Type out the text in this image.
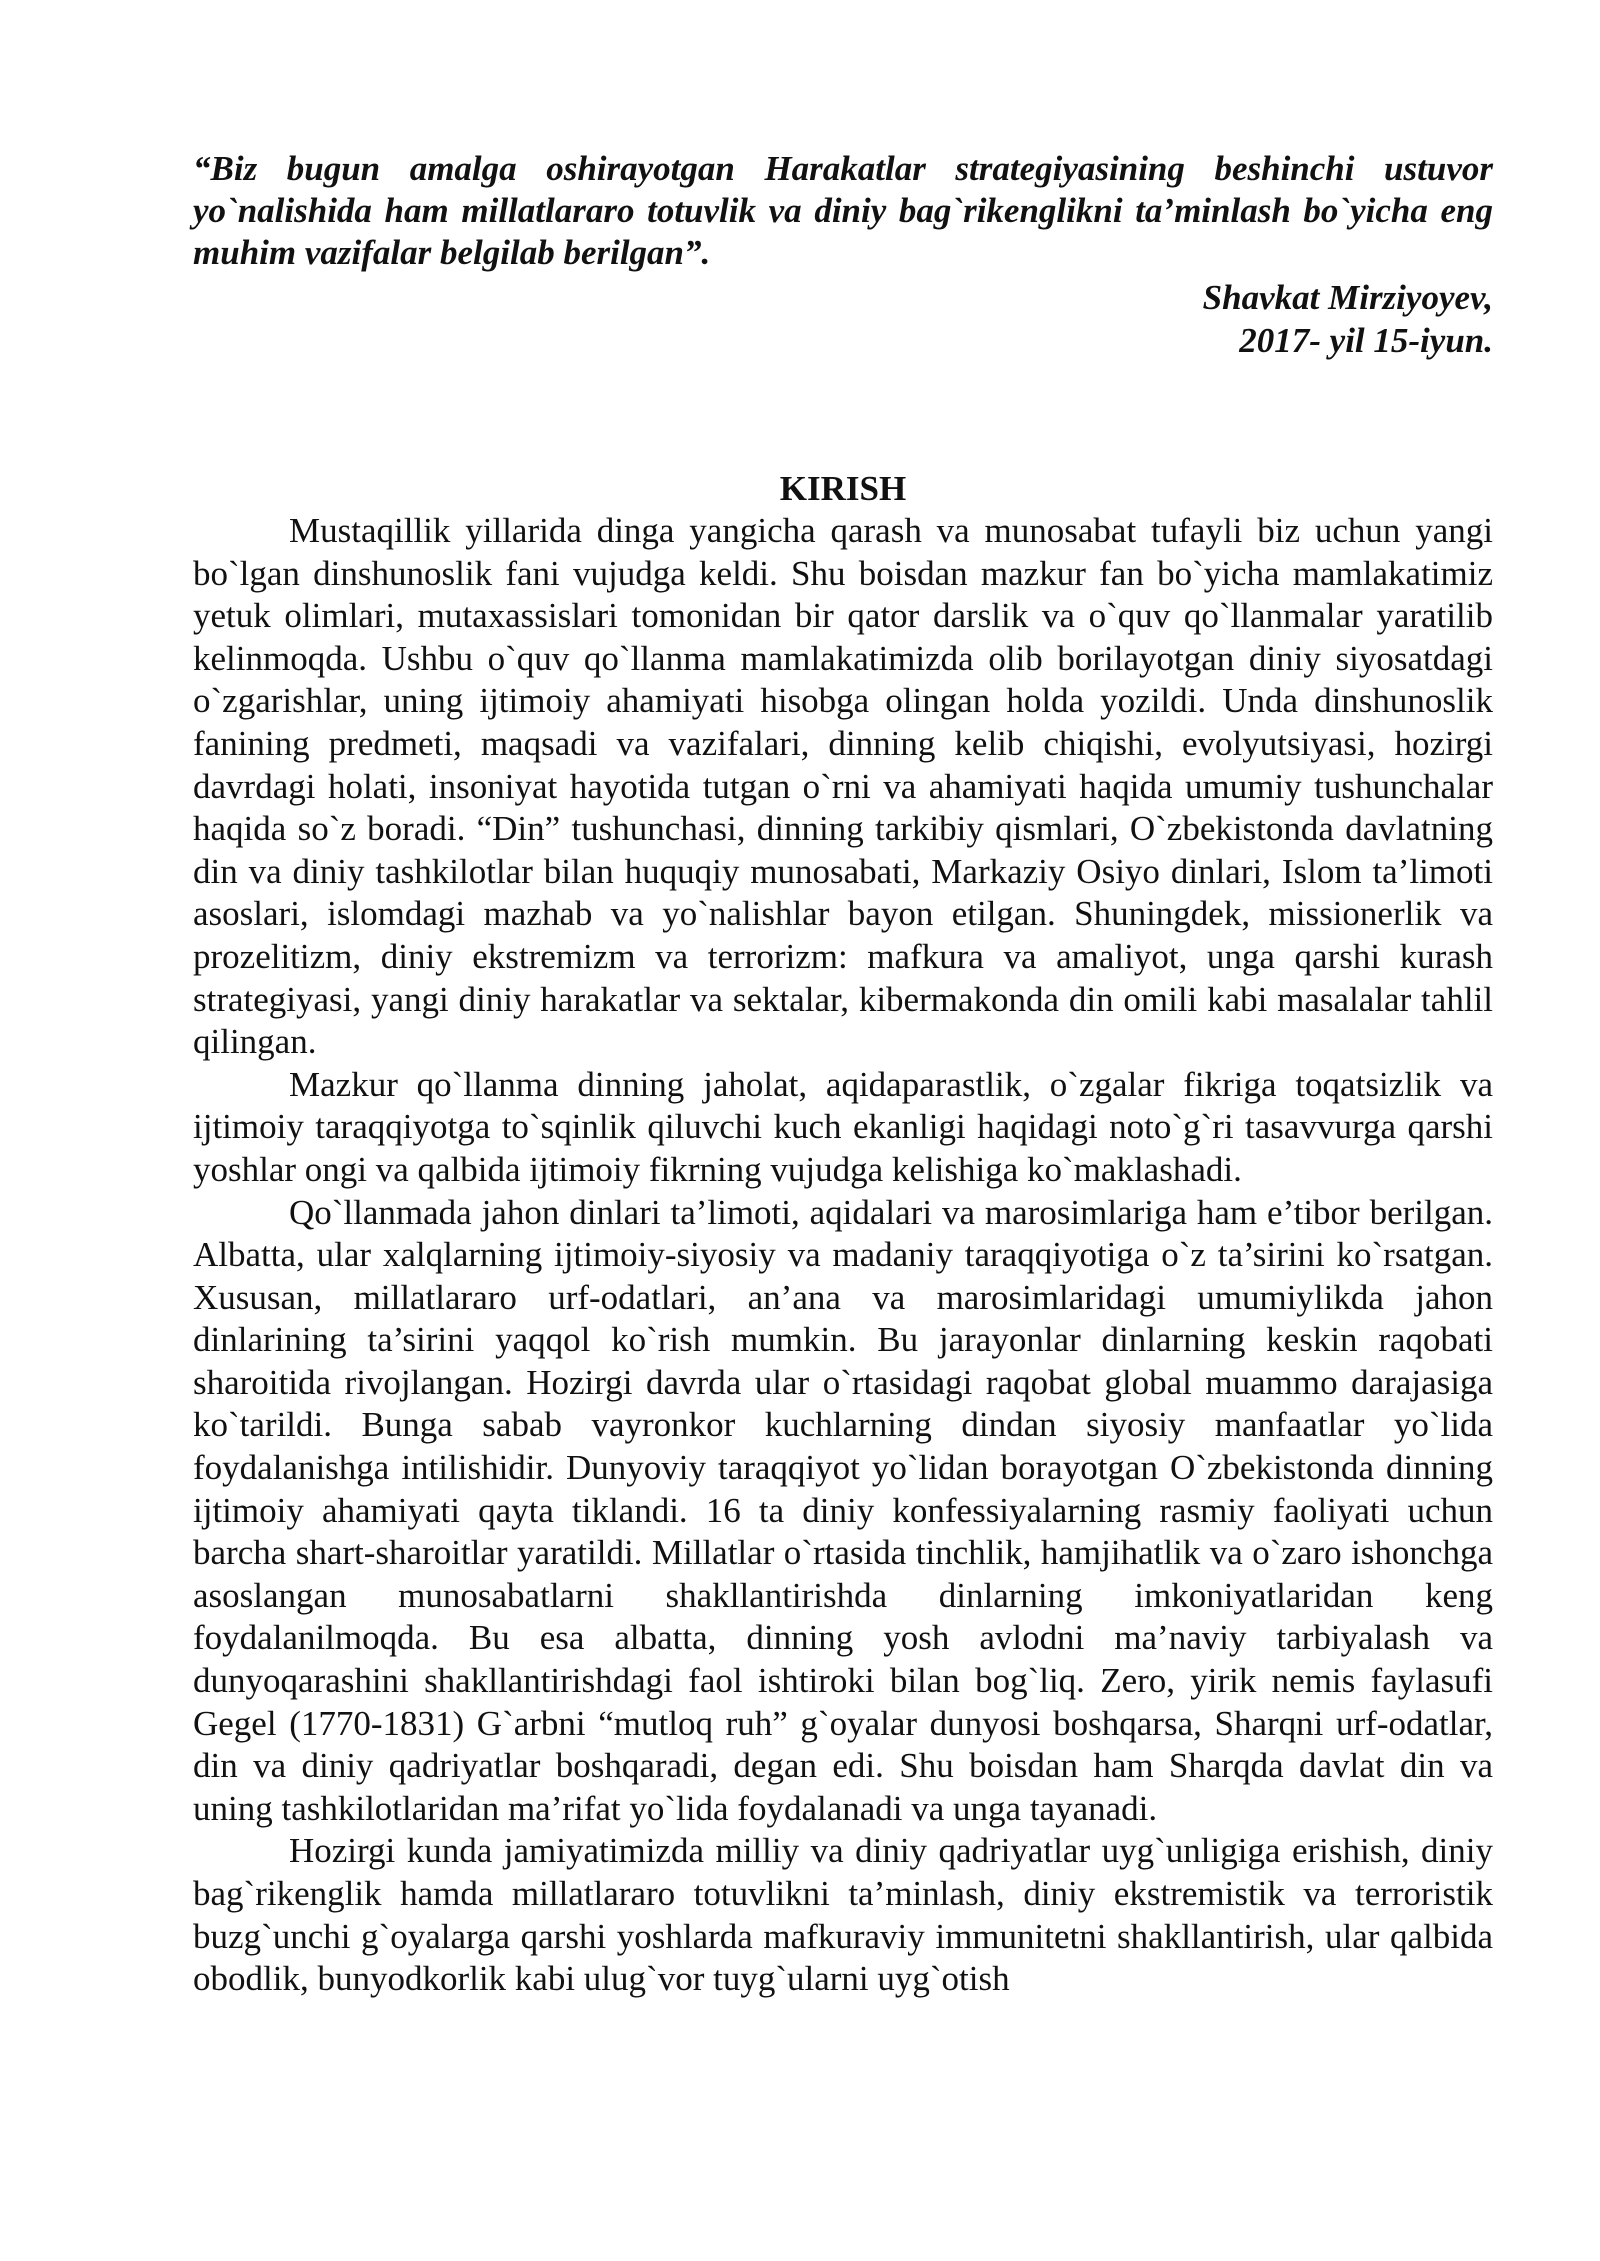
“Biz bugun amalga oshirayotgan Harakatlar strategiyasining beshinchi ustuvor yo`nalishida ham millatlararo totuvlik va diniy bag`rikenglikni ta’minlash bo`yicha eng muhim vazifalar belgilab berilgan”.

Shavkat Mirziyoyev,
2017- yil 15-iyun.
KIRISH

Mustaqillik yillarida dinga yangicha qarash va munosabat tufayli biz uchun yangi bo`lgan dinshunoslik fani vujudga keldi. Shu boisdan mazkur fan bo`yicha mamlakatimiz yetuk olimlari, mutaxassislari tomonidan bir qator darslik va o`quv qo`llanmalar yaratilib kelinmoqda. Ushbu o`quv qo`llanma mamlakatimizda olib borilayotgan diniy siyosatdagi o`zgarishlar, uning ijtimoiy ahamiyati hisobga olingan holda yozildi. Unda dinshunoslik fanining predmeti, maqsadi va vazifalari, dinning kelib chiqishi, evolyutsiyasi, hozirgi davrdagi holati, insoniyat hayotida tutgan o`rni va ahamiyati haqida umumiy tushunchalar haqida so`z boradi. “Din” tushunchasi, dinning tarkibiy qismlari, O`zbekistonda davlatning din va diniy tashkilotlar bilan huquqiy munosabati, Markaziy Osiyo dinlari, Islom ta’limoti asoslari, islomdagi mazhab va yo`nalishlar bayon etilgan. Shuningdek, missionerlik va prozelitizm, diniy ekstremizm va terrorizm: mafkura va amaliyot, unga qarshi kurash strategiyasi, yangi diniy harakatlar va sektalar, kibermakonda din omili kabi masalalar tahlil qilingan.

Mazkur qo`llanma dinning jaholat, aqidaparastlik, o`zgalar fikriga toqatsizlik va ijtimoiy taraqqiyotga to`sqinlik qiluvchi kuch ekanligi haqidagi noto`g`ri tasavvurga qarshi yoshlar ongi va qalbida ijtimoiy fikrning vujudga kelishiga ko`maklashadi.

Qo`llanmada jahon dinlari ta’limoti, aqidalari va marosimlariga ham e’tibor berilgan. Albatta, ular xalqlarning ijtimoiy-siyosiy va madaniy taraqqiyotiga o`z ta’sirini ko`rsatgan. Xususan, millatlararo urf-odatlari, an’ana va marosimlaridagi umumiylikda jahon dinlarining ta’sirini yaqqol ko`rish mumkin. Bu jarayonlar dinlarning keskin raqobati sharoitida rivojlangan. Hozirgi davrda ular o`rtasidagi raqobat global muammo darajasiga ko`tarildi. Bunga sabab vayronkor kuchlarning dindan siyosiy manfaatlar yo`lida foydalanishga intilishidir. Dunyoviy taraqqiyot yo`lidan borayotgan O`zbekistonda dinning ijtimoiy ahamiyati qayta tiklandi. 16 ta diniy konfessiyalarning rasmiy faoliyati uchun barcha shart-sharoitlar yaratildi. Millatlar o`rtasida tinchlik, hamjihatlik va o`zaro ishonchga asoslangan munosabatlarni shakllantirishda dinlarning imkoniyatlaridan keng foydalanilmoqda. Bu esa albatta, dinning yosh avlodni ma’naviy tarbiyalash va dunyoqarashini shakllantirishdagi faol ishtiroki bilan bog`liq. Zero, yirik nemis faylasufi Gegel (1770-1831) G`arbni “mutloq ruh” g`oyalar dunyosi boshqarsa, Sharqni urf-odatlar, din va diniy qadriyatlar boshqaradi, degan edi. Shu boisdan ham Sharqda davlat din va uning tashkilotlaridan ma’rifat yo`lida foydalanadi va unga tayanadi.

Hozirgi kunda jamiyatimizda milliy va diniy qadriyatlar uyg`unligiga erishish, diniy bag`rikenglik hamda millatlararo totuvlikni ta’minlash, diniy ekstremistik va terroristik buzg`unchi g`oyalarga qarshi yoshlarda mafkuraviy immunitetni shakllantirish, ular qalbida obodlik, bunyodkorlik kabi ulug`vor tuyg`ularni uyg`otish
